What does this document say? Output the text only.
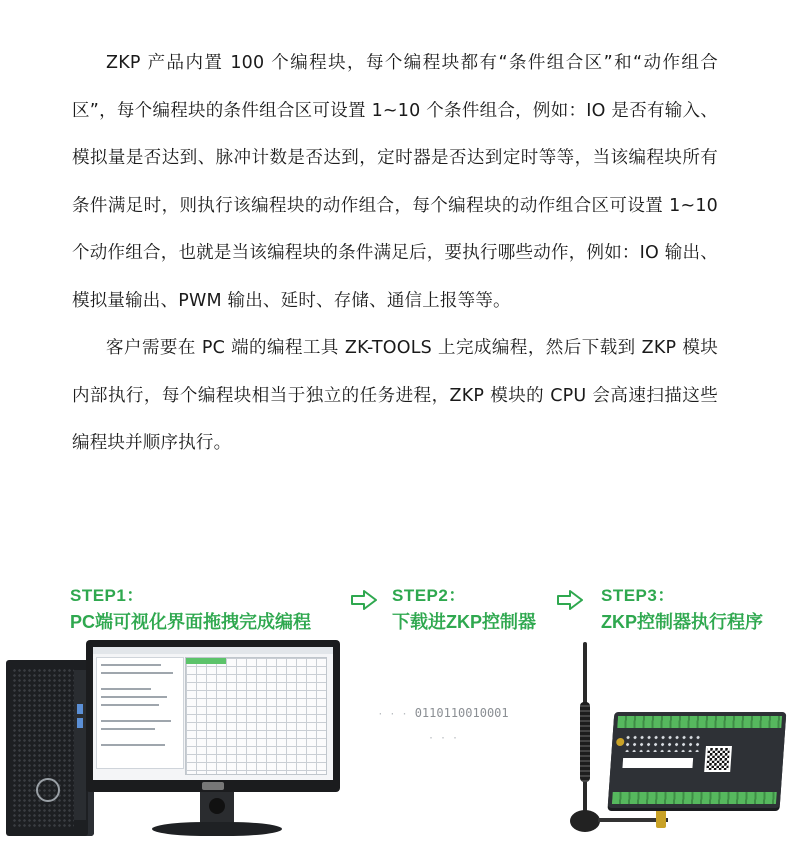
ZKP 产品内置 100 个编程块，每个编程块都有“条件组合区”和“动作组合区”，每个编程块的条件组合区可设置 1~10 个条件组合，例如：IO 是否有输入、模拟量是否达到、脉冲计数是否达到，定时器是否达到定时等等，当该编程块所有条件满足时，则执行该编程块的动作组合，每个编程块的动作组合区可设置 1~10 个动作组合，也就是当该编程块的条件满足后，要执行哪些动作，例如：IO 输出、模拟量输出、PWM 输出、延时、存储、通信上报等等。

客户需要在 PC 端的编程工具 ZK-TOOLS 上完成编程，然后下载到 ZKP 模块内部执行，每个编程块相当于独立的任务进程，ZKP 模块的 CPU 会高速扫描这些编程块并顺序执行。

STEP1：
PC端可视化界面拖拽完成编程
STEP2：
下载进ZKP控制器
STEP3：
ZKP控制器执行程序
· · · 0110110010001 · · ·
